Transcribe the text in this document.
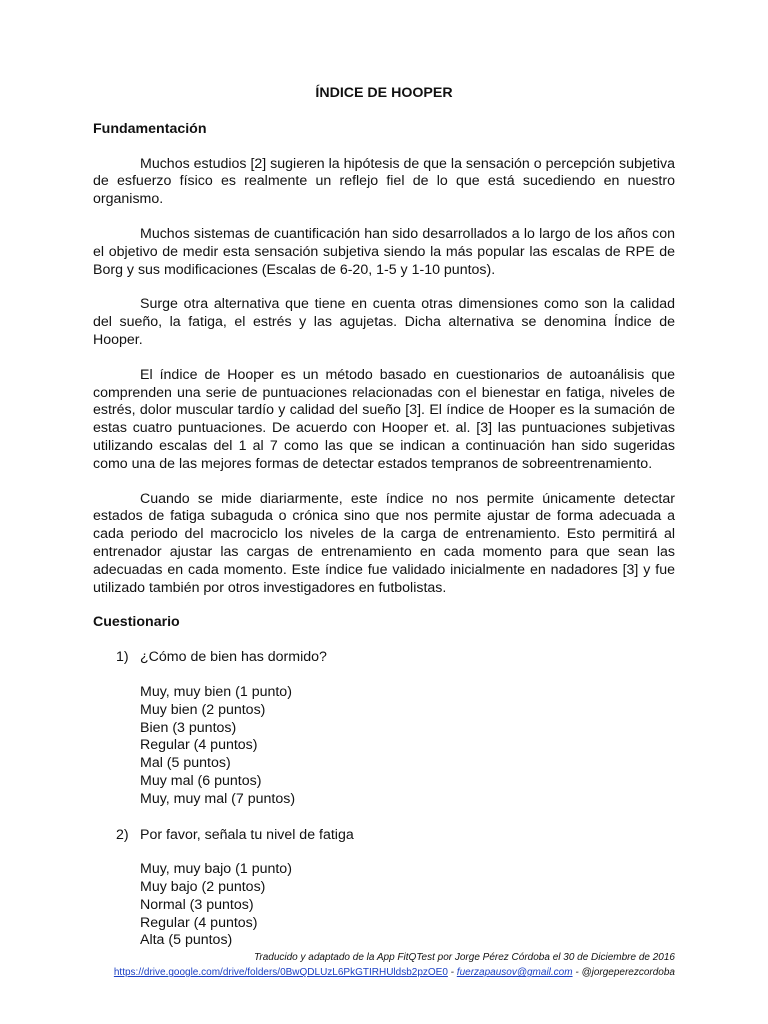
ÍNDICE DE HOOPER
Fundamentación

Muchos estudios [2] sugieren la hipótesis de que la sensación o percepción subjetiva de esfuerzo físico es realmente un reflejo fiel de lo que está sucediendo en nuestro organismo.

Muchos sistemas de cuantificación han sido desarrollados a lo largo de los años con el objetivo de medir esta sensación subjetiva siendo la más popular las escalas de RPE de Borg y sus modificaciones (Escalas de 6-20, 1-5 y 1-10 puntos).

Surge otra alternativa que tiene en cuenta otras dimensiones como son la calidad del sueño, la fatiga, el estrés y las agujetas. Dicha alternativa se denomina Índice de Hooper.

El índice de Hooper es un método basado en cuestionarios de autoanálisis que comprenden una serie de puntuaciones relacionadas con el bienestar en fatiga, niveles de estrés, dolor muscular tardío y calidad del sueño [3]. El índice de Hooper es la sumación de estas cuatro puntuaciones. De acuerdo con Hooper et. al. [3] las puntuaciones subjetivas utilizando escalas del 1 al 7 como las que se indican a continuación han sido sugeridas como una de las mejores formas de detectar estados tempranos de sobreentrenamiento.

Cuando se mide diariarmente, este índice no nos permite únicamente detectar estados de fatiga subaguda o crónica sino que nos permite ajustar de forma adecuada a cada periodo del macrociclo los niveles de la carga de entrenamiento. Esto permitirá al entrenador ajustar las cargas de entrenamiento en cada momento para que sean las adecuadas en cada momento. Este índice fue validado inicialmente en nadadores [3] y fue utilizado también por otros investigadores en futbolistas.

Cuestionario
1) ¿Cómo de bien has dormido?
Muy, muy bien (1 punto)
Muy bien (2 puntos)
Bien (3 puntos)
Regular (4 puntos)
Mal (5 puntos)
Muy mal (6 puntos)
Muy, muy mal (7 puntos)
2) Por favor, señala tu nivel de fatiga
Muy, muy bajo (1 punto)
Muy bajo (2 puntos)
Normal (3 puntos)
Regular (4 puntos)
Alta (5 puntos)
Traducido y adaptado de la App FitQTest por Jorge Pérez Córdoba el 30 de Diciembre de 2016
https://drive.google.com/drive/folders/0BwQDLUzL6PkGTIRHUldsb2pzOE0 - fuerzapausov@gmail.com - @jorgeperezcordoba
